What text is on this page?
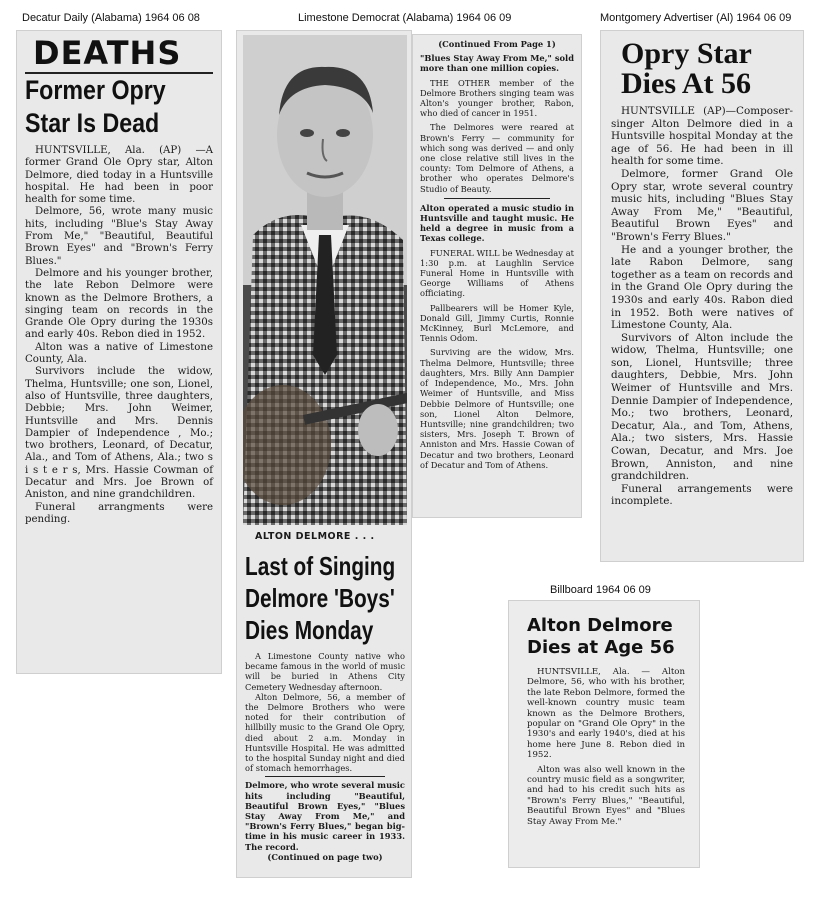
Decatur Daily (Alabama) 1964 06 08	Limestone Democrat (Alabama) 1964 06 09	Montgomery Advertiser (Al) 1964 06 09
Billboard 1964 06 09
DEATHS
Former Opry
Star Is Dead

HUNTSVILLE, Ala. (AP) —A former Grand Ole Opry star, Alton Delmore, died today in a Huntsville hospital. He had been in poor health for some time.

Delmore, 56, wrote many music hits, including "Blue's Stay Away From Me," "Beautiful, Beautiful Brown Eyes" and "Brown's Ferry Blues."

Delmore and his younger brother, the late Rebon Delmore were known as the Delmore Brothers, a singing team on records in the Grande Ole Opry during the 1930s and early 40s. Rebon died in 1952.

Alton was a native of Limestone County, Ala.

Survivors include the widow, Thelma, Huntsville; one son, Lionel, also of Huntsville, three daughters, Debbie; Mrs. John Weimer, Huntsville and Mrs. Dennis Dampier of Independence , Mo.; two brothers, Leonard, of Decatur, Ala., and Tom of Athens, Ala.; two s i s t e r s, Mrs. Hassie Cowman of Decatur and Mrs. Joe Brown of Aniston, and nine grandchildren.

Funeral arrangments were pending.

ALTON DELMORE . . .
Last of Singing
Delmore 'Boys'
Dies Monday

A Limestone County native who became famous in the world of music will be buried in Athens City Cemetery Wednesday afternoon.

Alton Delmore, 56, a member of the Delmore Brothers who were noted for their contribution of hillbilly music to the Grand Ole Opry, died about 2 a.m. Monday in Huntsville Hospital. He was admitted to the hospital Sunday night and died of stomach hemorrhages.

Delmore, who wrote several music hits including "Beautiful, Beautiful Brown Eyes," "Blues Stay Away From Me," and "Brown's Ferry Blues," began big-time in his music career in 1933. The record.

(Continued on page two)
(Continued From Page 1)

"Blues Stay Away From Me," sold more than one million copies.

THE OTHER member of the Delmore Brothers singing team was Alton's younger brother, Rabon, who died of cancer in 1951.

The Delmores were reared at Brown's Ferry — community for which song was derived — and only one close relative still lives in the county: Tom Delmore of Athens, a brother who operates Delmore's Studio of Beauty.

Alton operated a music studio in Huntsville and taught music. He held a degree in music from a Texas college.

FUNERAL WILL be Wednesday at 1:30 p.m. at Laughlin Service Funeral Home in Huntsville with George Williams of Athens officiating.

Pallbearers will be Homer Kyle, Donald Gill, Jimmy Curtis, Ronnie McKinney, Burl McLemore, and Tennis Odom.

Surviving are the widow, Mrs. Thelma Delmore, Huntsville; three daughters, Mrs. Billy Ann Dampier of Independence, Mo., Mrs. John Weimer of Huntsville, and Miss Debbie Delmore of Huntsville; one son, Lionel Alton Delmore, Huntsville; nine grandchildren; two sisters, Mrs. Joseph T. Brown of Anniston and Mrs. Hassie Cowan of Decatur and two brothers, Leonard of Decatur and Tom of Athens.

Opry Star
Dies At 56

HUNTSVILLE (AP)—Composer-singer Alton Delmore died in a Huntsville hospital Monday at the age of 56. He had been in ill health for some time.

Delmore, former Grand Ole Opry star, wrote several country music hits, including "Blues Stay Away From Me," "Beautiful, Beautiful Brown Eyes" and "Brown's Ferry Blues."

He and a younger brother, the late Rabon Delmore, sang together as a team on records and in the Grand Ole Opry during the 1930s and early 40s. Rabon died in 1952. Both were natives of Limestone County, Ala.

Survivors of Alton include the widow, Thelma, Huntsville; one son, Lionel, Huntsville; three daughters, Debbie, Mrs. John Weimer of Huntsville and Mrs. Dennie Dampier of Independence, Mo.; two brothers, Leonard, Decatur, Ala., and Tom, Athens, Ala.; two sisters, Mrs. Hassie Cowan, Decatur, and Mrs. Joe Brown, Anniston, and nine grandchildren.

Funeral arrangements were incomplete.

Alton Delmore
Dies at Age 56

HUNTSVILLE, Ala. — Alton Delmore, 56, who with his brother, the late Rebon Delmore, formed the well-known country music team known as the Delmore Brothers, popular on "Grand Ole Opry" in the 1930's and early 1940's, died at his home here June 8. Rebon died in 1952.

Alton was also well known in the country music field as a songwriter, and had to his credit such hits as "Brown's Ferry Blues," "Beautiful, Beautiful Brown Eyes" and "Blues Stay Away From Me."
